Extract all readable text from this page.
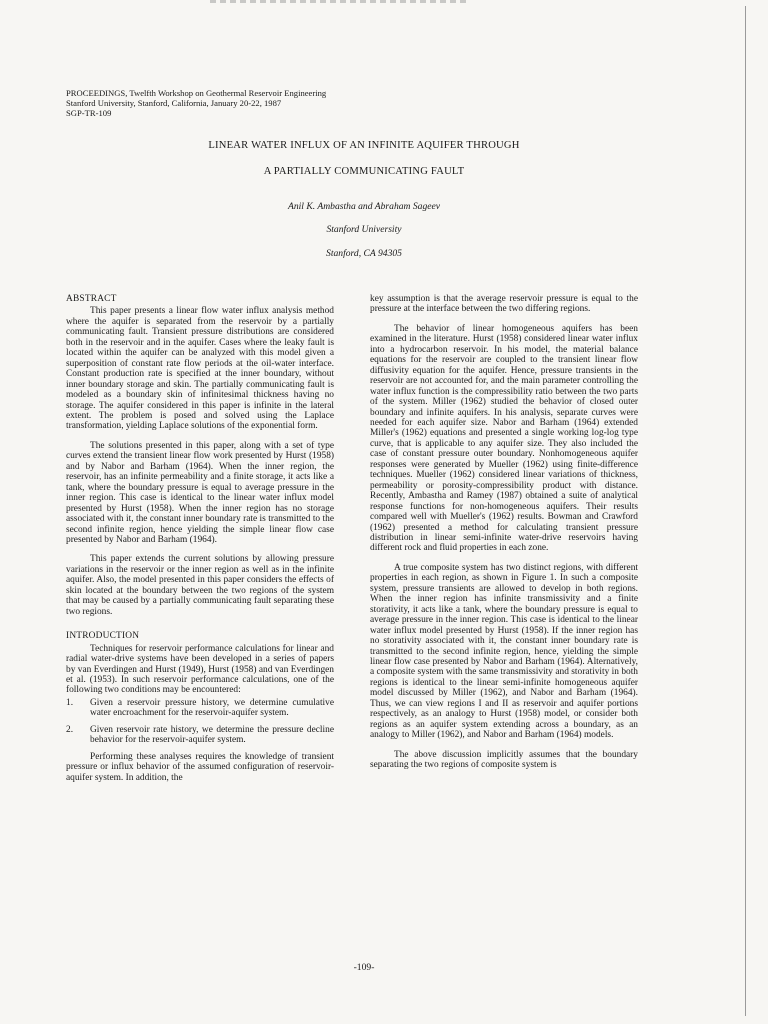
PROCEEDINGS, Twelfth Workshop on Geothermal Reservoir Engineering
Stanford University, Stanford, California, January 20-22, 1987
SGP-TR-109
LINEAR WATER INFLUX OF AN INFINITE AQUIFER THROUGH
A PARTIALLY COMMUNICATING FAULT
Anil K. Ambastha and Abraham Sageev
Stanford University
Stanford, CA 94305
ABSTRACT

This paper presents a linear flow water influx analysis method where the aquifer is separated from the reservoir by a partially communicating fault. Transient pressure distributions are considered both in the reservoir and in the aquifer. Cases where the leaky fault is located within the aquifer can be analyzed with this model given a superposition of constant rate flow periods at the oil-water interface. Constant production rate is specified at the inner boundary, without inner boundary storage and skin. The partially communicating fault is modeled as a boundary skin of infinitesimal thickness having no storage. The aquifer considered in this paper is infinite in the lateral extent. The problem is posed and solved using the Laplace transformation, yielding Laplace solutions of the exponential form.

The solutions presented in this paper, along with a set of type curves extend the transient linear flow work presented by Hurst (1958) and by Nabor and Barham (1964). When the inner region, the reservoir, has an infinite permeability and a finite storage, it acts like a tank, where the boundary pressure is equal to average pressure in the inner region. This case is identical to the linear water influx model presented by Hurst (1958). When the inner region has no storage associated with it, the constant inner boundary rate is transmitted to the second infinite region, hence yielding the simple linear flow case presented by Nabor and Barham (1964).

This paper extends the current solutions by allowing pressure variations in the reservoir or the inner region as well as in the infinite aquifer. Also, the model presented in this paper considers the effects of skin located at the boundary between the two regions of the system that may be caused by a partially communicating fault separating these two regions.

INTRODUCTION

Techniques for reservoir performance calculations for linear and radial water-drive systems have been developed in a series of papers by van Everdingen and Hurst (1949), Hurst (1958) and van Everdingen et al. (1953). In such reservoir performance calculations, one of the following two conditions may be encountered:

1. Given a reservoir pressure history, we determine cumulative water encroachment for the reservoir-aquifer system.
2. Given reservoir rate history, we determine the pressure decline behavior for the reservoir-aquifer system.

Performing these analyses requires the knowledge of transient pressure or influx behavior of the assumed configuration of reservoir-aquifer system. In addition, the

key assumption is that the average reservoir pressure is equal to the pressure at the interface between the two differing regions.

The behavior of linear homogeneous aquifers has been examined in the literature. Hurst (1958) considered linear water influx into a hydrocarbon reservoir. In his model, the material balance equations for the reservoir are coupled to the transient linear flow diffusivity equation for the aquifer. Hence, pressure transients in the reservoir are not accounted for, and the main parameter controlling the water influx function is the compressibility ratio between the two parts of the system. Miller (1962) studied the behavior of closed outer boundary and infinite aquifers. In his analysis, separate curves were needed for each aquifer size. Nabor and Barham (1964) extended Miller's (1962) equations and presented a single working log-log type curve, that is applicable to any aquifer size. They also included the case of constant pressure outer boundary. Nonhomogeneous aquifer responses were generated by Mueller (1962) using finite-difference techniques. Mueller (1962) considered linear variations of thickness, permeability or porosity-compressibility product with distance. Recently, Ambastha and Ramey (1987) obtained a suite of analytical response functions for non-homogeneous aquifers. Their results compared well with Mueller's (1962) results. Bowman and Crawford (1962) presented a method for calculating transient pressure distribution in linear semi-infinite water-drive reservoirs having different rock and fluid properties in each zone.

A true composite system has two distinct regions, with different properties in each region, as shown in Figure 1. In such a composite system, pressure transients are allowed to develop in both regions. When the inner region has infinite transmissivity and a finite storativity, it acts like a tank, where the boundary pressure is equal to average pressure in the inner region. This case is identical to the linear water influx model presented by Hurst (1958). If the inner region has no storativity associated with it, the constant inner boundary rate is transmitted to the second infinite region, hence, yielding the simple linear flow case presented by Nabor and Barham (1964). Alternatively, a composite system with the same transmissivity and storativity in both regions is identical to the linear semi-infinite homogeneous aquifer model discussed by Miller (1962), and Nabor and Barham (1964). Thus, we can view regions I and II as reservoir and aquifer portions respectively, as an analogy to Hurst (1958) model, or consider both regions as an aquifer system extending across a boundary, as an analogy to Miller (1962), and Nabor and Barham (1964) models.

The above discussion implicitly assumes that the boundary separating the two regions of composite system is

-109-
